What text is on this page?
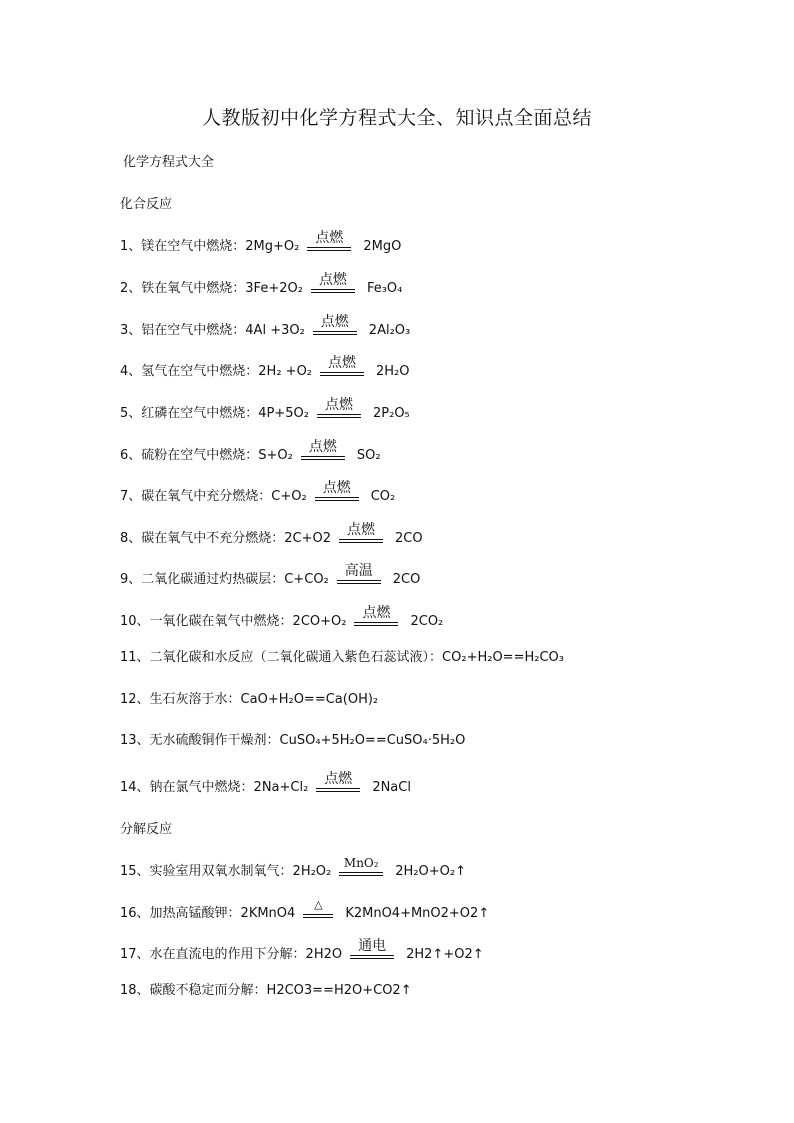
人教版初中化学方程式大全、知识点全面总结
化学方程式大全
化合反应
1、镁在空气中燃烧：2Mg+O₂
点燃
2MgO
2、铁在氧气中燃烧：3Fe+2O₂
点燃
Fe₃O₄
3、铝在空气中燃烧：4Al +3O₂
点燃
2Al₂O₃
4、氢气在空气中燃烧：2H₂ +O₂
点燃
2H₂O
5、红磷在空气中燃烧：4P+5O₂
点燃
2P₂O₅
6、硫粉在空气中燃烧：S+O₂
点燃
SO₂
7、碳在氧气中充分燃烧：C+O₂
点燃
CO₂
8、碳在氧气中不充分燃烧：2C+O2
点燃
2CO
9、二氧化碳通过灼热碳层：C+CO₂
高温
2CO
10、一氧化碳在氧气中燃烧：2CO+O₂
点燃
2CO₂
11、二氧化碳和水反应（二氧化碳通入紫色石蕊试液）：CO₂+H₂O==H₂CO₃
12、生石灰溶于水：CaO+H₂O==Ca(OH)₂
13、无水硫酸铜作干燥剂：CuSO₄+5H₂O==CuSO₄·5H₂O
14、钠在氯气中燃烧：2Na+Cl₂
点燃
2NaCl
分解反应
15、实验室用双氧水制氧气：2H₂O₂
MnO₂
2H₂O+O₂↑
16、加热高锰酸钾：2KMnO4
△
K2MnO4+MnO2+O2↑
17、水在直流电的作用下分解：2H2O
通电
2H2↑+O2↑
18、碳酸不稳定而分解：H2CO3==H2O+CO2↑
